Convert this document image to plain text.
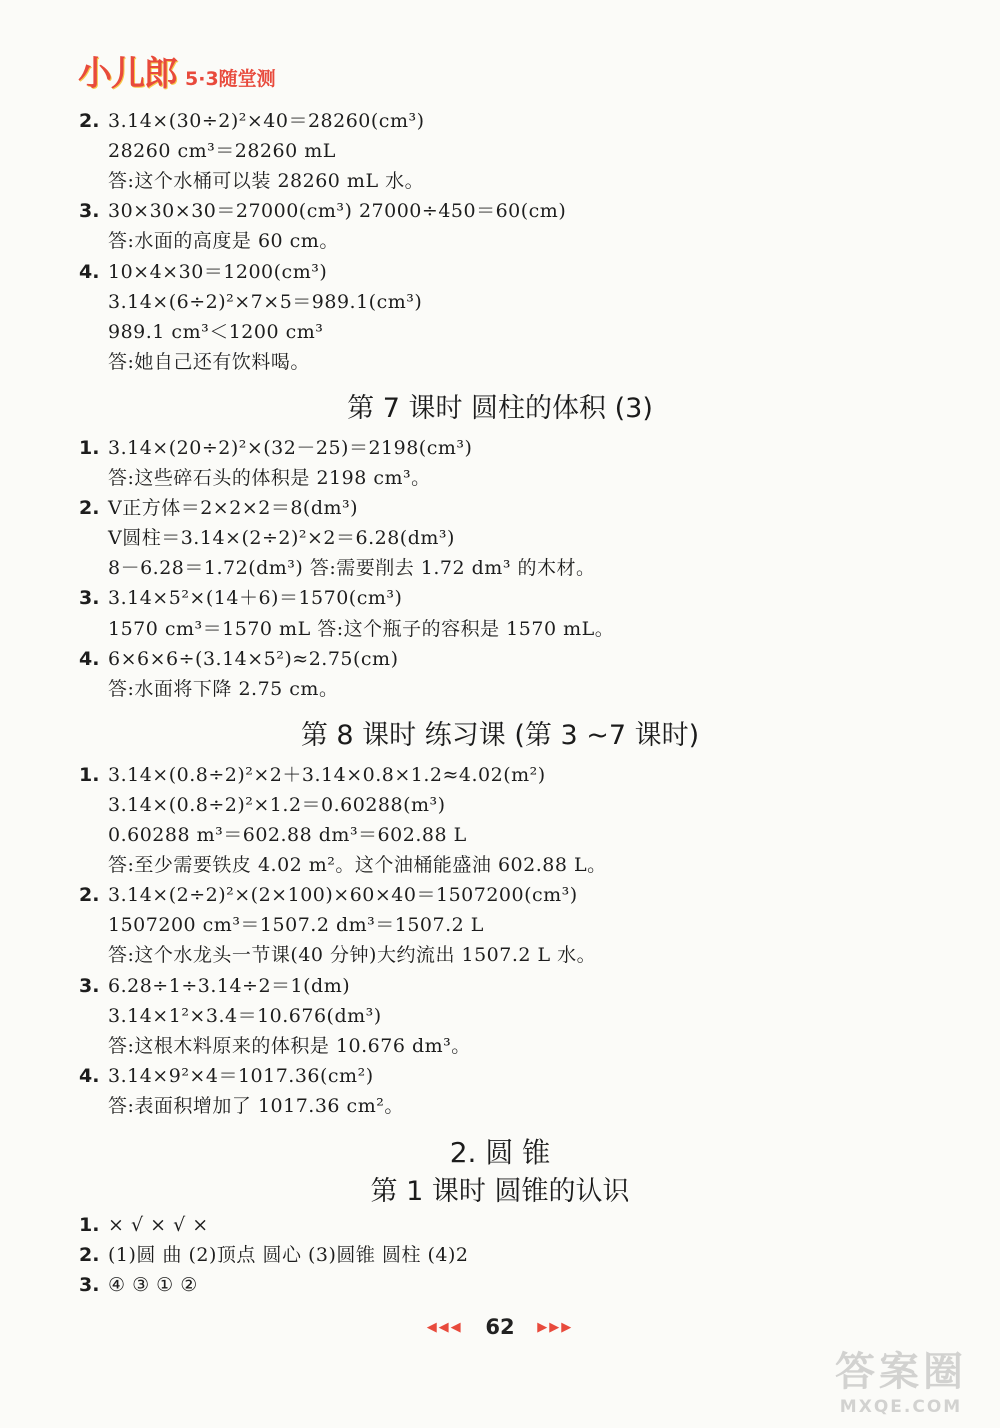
小儿郎 5·3随堂测
2. 3.14×(30÷2)²×40＝28260(cm³)
28260 cm³＝28260 mL
答:这个水桶可以装 28260 mL 水。
3. 30×30×30＝27000(cm³) 27000÷450＝60(cm)
答:水面的高度是 60 cm。
4. 10×4×30＝1200(cm³)
3.14×(6÷2)²×7×5＝989.1(cm³)
989.1 cm³＜1200 cm³
答:她自己还有饮料喝。
第 7 课时 圆柱的体积 (3)
1. 3.14×(20÷2)²×(32－25)＝2198(cm³)
答:这些碎石头的体积是 2198 cm³。
2. V正方体＝2×2×2＝8(dm³)
V圆柱＝3.14×(2÷2)²×2＝6.28(dm³)
8－6.28＝1.72(dm³) 答:需要削去 1.72 dm³ 的木材。
3. 3.14×5²×(14＋6)＝1570(cm³)
1570 cm³＝1570 mL 答:这个瓶子的容积是 1570 mL。
4. 6×6×6÷(3.14×5²)≈2.75(cm)
答:水面将下降 2.75 cm。
第 8 课时 练习课 (第 3 ~7 课时)
1. 3.14×(0.8÷2)²×2＋3.14×0.8×1.2≈4.02(m²)
3.14×(0.8÷2)²×1.2＝0.60288(m³)
0.60288 m³＝602.88 dm³＝602.88 L
答:至少需要铁皮 4.02 m²。这个油桶能盛油 602.88 L。
2. 3.14×(2÷2)²×(2×100)×60×40＝1507200(cm³)
1507200 cm³＝1507.2 dm³＝1507.2 L
答:这个水龙头一节课(40 分钟)大约流出 1507.2 L 水。
3. 6.28÷1÷3.14÷2＝1(dm)
3.14×1²×3.4＝10.676(dm³)
答:这根木料原来的体积是 10.676 dm³。
4. 3.14×9²×4＝1017.36(cm²)
答:表面积增加了 1017.36 cm²。
2. 圆 锥
第 1 课时 圆锥的认识
1. × √ × √ ×
2. (1)圆 曲 (2)顶点 圆心 (3)圆锥 圆柱 (4)2
3. ④ ③ ① ②
◀◀◀ 62 ▶▶▶
答案圈
MXQE.COM
